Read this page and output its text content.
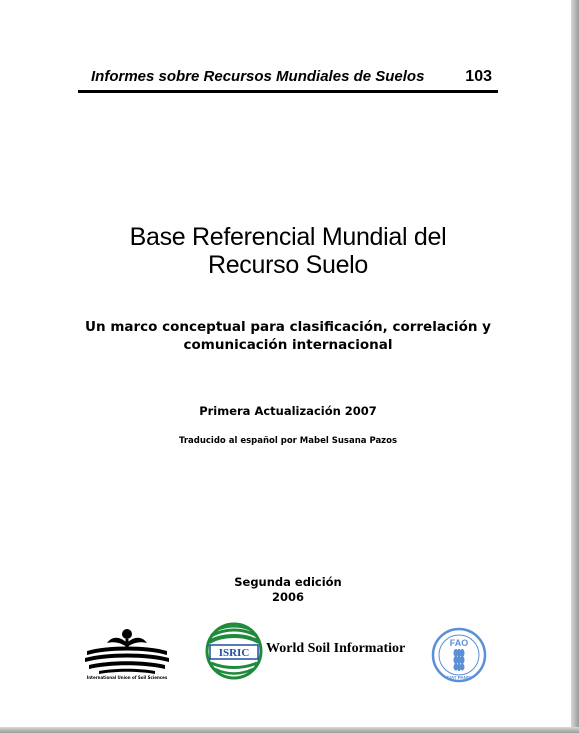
Informes sobre Recursos Mundiales de Suelos	103
Base Referencial Mundial del
Recurso Suelo
Un marco conceptual para clasificación, correlación y
comunicación internacional
Primera Actualización 2007
Traducido al español por Mabel Susana Pazos
Segunda edición
2006
International Union of Soil Sciences
ISRIC World Soil Informatior	FAO
FIAT PANIS
